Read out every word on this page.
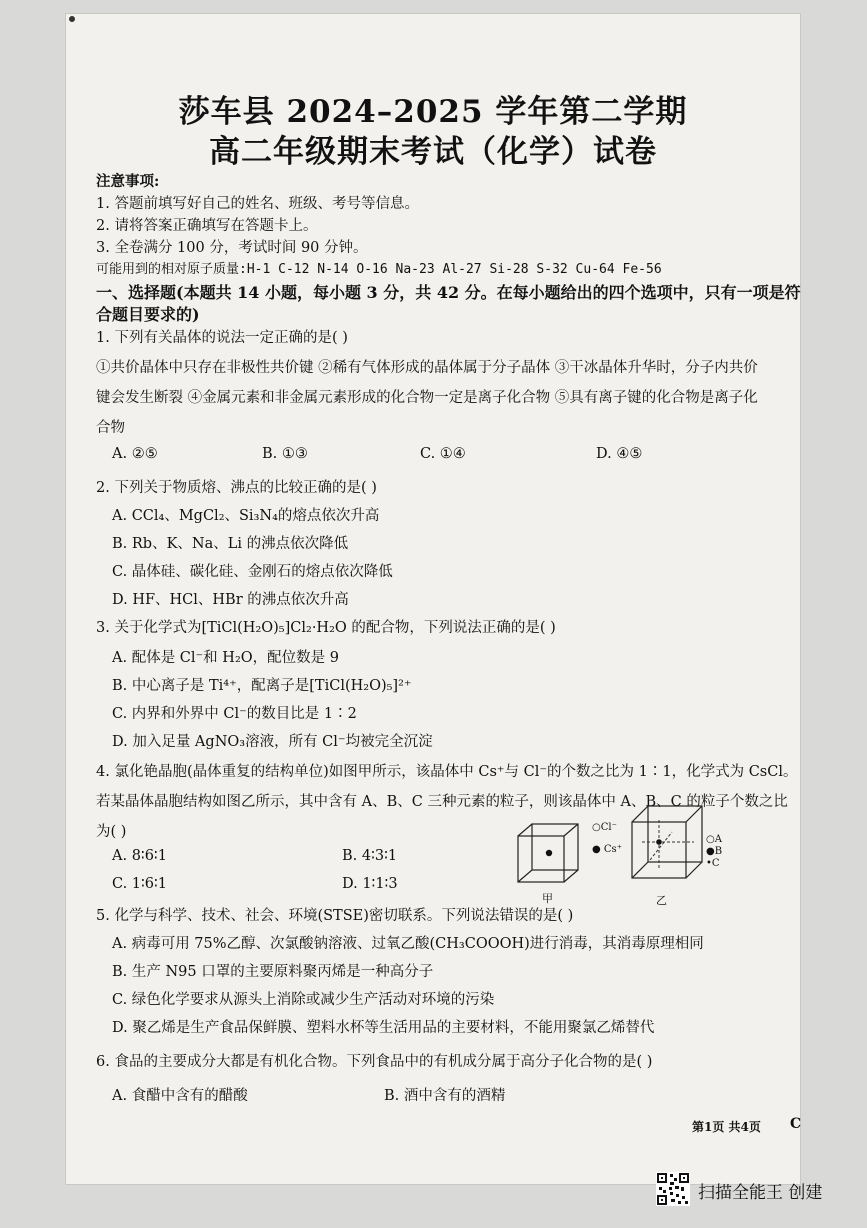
莎车县 2024–2025 学年第二学期
高二年级期末考试（化学）试卷
注意事项:
1. 答题前填写好自己的姓名、班级、考号等信息。
2. 请将答案正确填写在答题卡上。
3. 全卷满分 100 分，考试时间 90 分钟。
可能用到的相对原子质量:H-1 C-12 N-14 O-16 Na-23 Al-27 Si-28 S-32 Cu-64 Fe-56
一、选择题(本题共 14 小题，每小题 3 分，共 42 分。在每小题给出的四个选项中，只有一项是符
合题目要求的)
1. 下列有关晶体的说法一定正确的是( )
①共价晶体中只存在非极性共价键 ②稀有气体形成的晶体属于分子晶体 ③干冰晶体升华时，分子内共价
键会发生断裂 ④金属元素和非金属元素形成的化合物一定是离子化合物 ⑤具有离子键的化合物是离子化
合物
A. ②⑤	B. ①③	C. ①④	D. ④⑤
2. 下列关于物质熔、沸点的比较正确的是( )
A. CCl₄、MgCl₂、Si₃N₄的熔点依次升高
B. Rb、K、Na、Li 的沸点依次降低
C. 晶体硅、碳化硅、金刚石的熔点依次降低
D. HF、HCl、HBr 的沸点依次升高
3. 关于化学式为[TiCl(H₂O)₅]Cl₂·H₂O 的配合物，下列说法正确的是( )
A. 配体是 Cl⁻和 H₂O，配位数是 9
B. 中心离子是 Ti⁴⁺，配离子是[TiCl(H₂O)₅]²⁺
C. 内界和外界中 Cl⁻的数目比是 1∶2
D. 加入足量 AgNO₃溶液，所有 Cl⁻均被完全沉淀
4. 氯化铯晶胞(晶体重复的结构单位)如图甲所示，该晶体中 Cs⁺与 Cl⁻的个数之比为 1∶1，化学式为 CsCl。
若某晶体晶胞结构如图乙所示，其中含有 A、B、C 三种元素的粒子，则该晶体中 A、B、C 的粒子个数之比
为( )
A. 8∶6∶1	B. 4∶3∶1
C. 1∶6∶1	D. 1∶1∶3
○Cl⁻
● Cs⁺
甲
○A
●B
•C
乙
5. 化学与科学、技术、社会、环境(STSE)密切联系。下列说法错误的是( )
A. 病毒可用 75%乙醇、次氯酸钠溶液、过氧乙酸(CH₃COOOH)进行消毒，其消毒原理相同
B. 生产 N95 口罩的主要原料聚丙烯是一种高分子
C. 绿色化学要求从源头上消除或减少生产活动对环境的污染
D. 聚乙烯是生产食品保鲜膜、塑料水杯等生活用品的主要材料，不能用聚氯乙烯替代
6. 食品的主要成分大都是有机化合物。下列食品中的有机成分属于高分子化合物的是( )
A. 食醋中含有的醋酸	B. 酒中含有的酒精
第1页 共4页 C
扫描全能王 创建
